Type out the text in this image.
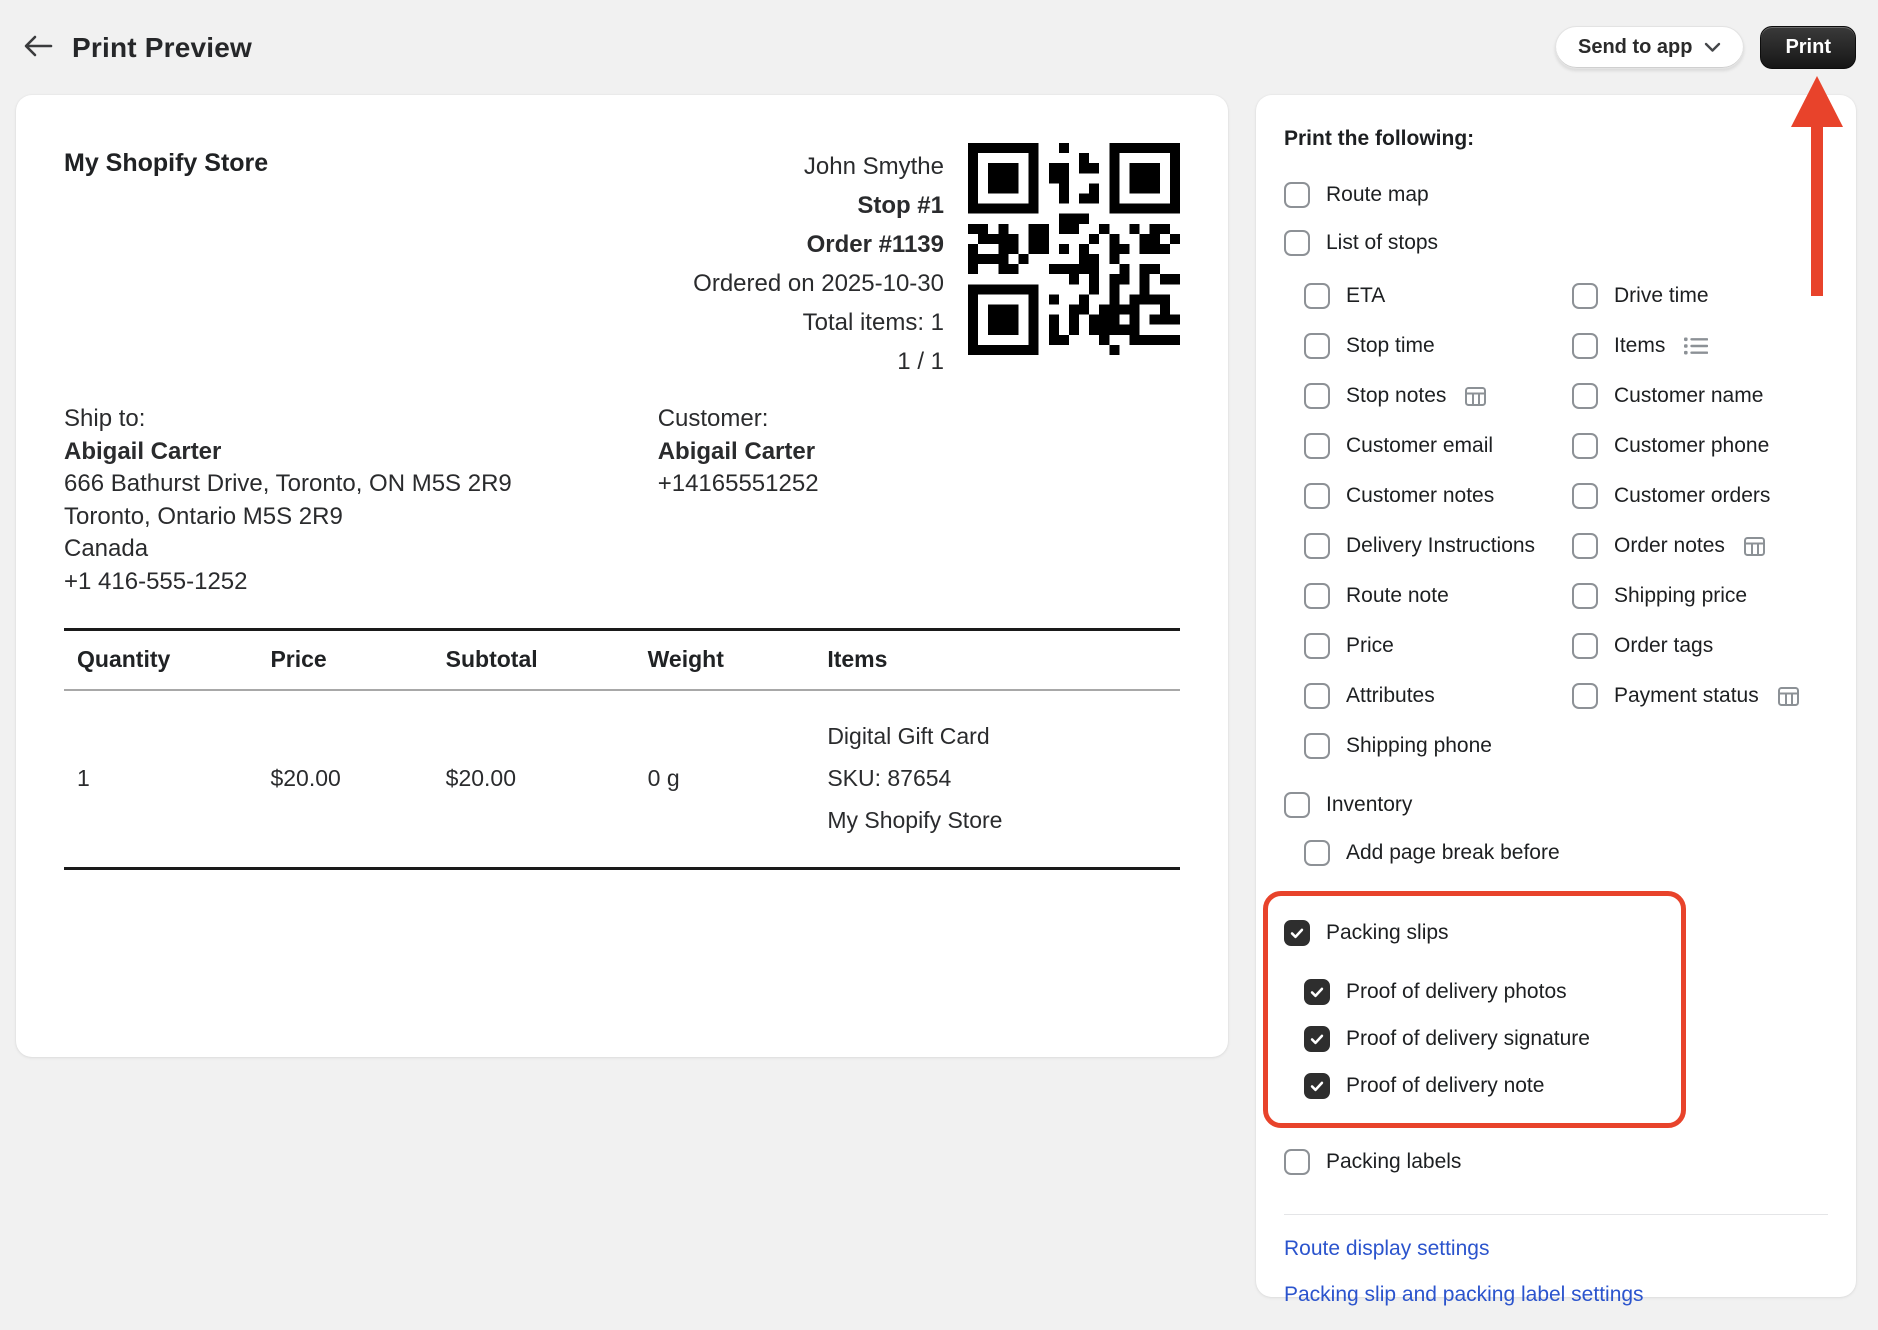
Print Preview	Send to app	Print
My Shopify Store	John Smythe
Stop #1
Order #1139
Ordered on 2025-10-30
Total items: 1
1 / 1
Ship to:
Abigail Carter
666 Bathurst Drive, Toronto, ON M5S 2R9
Toronto, Ontario M5S 2R9
Canada
+1 416-555-1252
Customer:
Abigail Carter
+14165551252
Quantity	Price	Subtotal	Weight	Items
1	$20.00	$20.00	0 g	Digital Gift Card
SKU: 87654
My Shopify Store
Print the following:
Route map
List of stops
ETA	Drive time
Stop time	Items
Stop notes	Customer name
Customer email	Customer phone
Customer notes	Customer orders
Delivery Instructions	Order notes
Route note	Shipping price
Price	Order tags
Attributes	Payment status
Shipping phone
Inventory
Add page break before
Packing slips
Proof of delivery photos
Proof of delivery signature
Proof of delivery note
Packing labels
Route display settings
Packing slip and packing label settings
